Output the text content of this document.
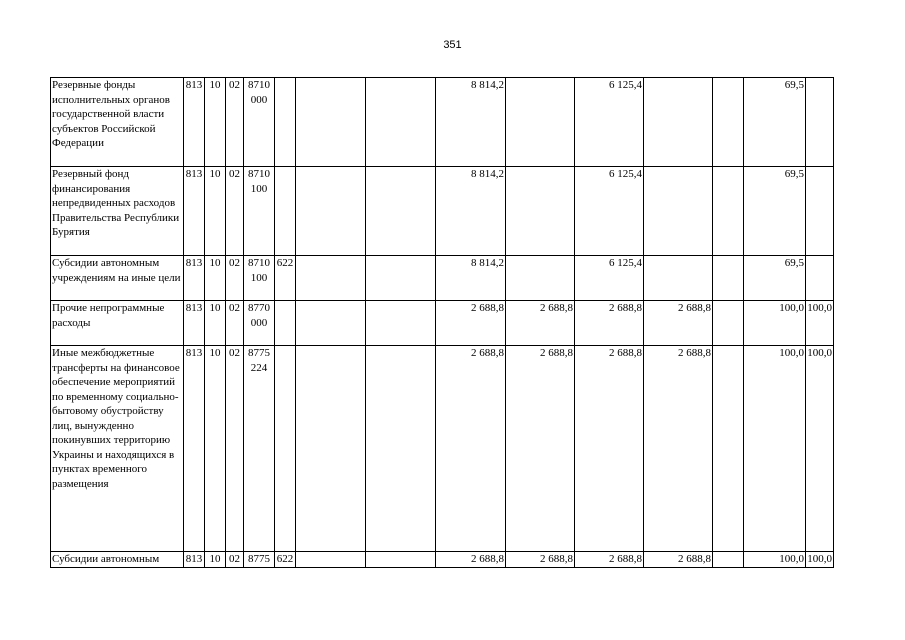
351
Резервные фонды исполнительных органов государственной власти субъектов Российской Федерации	813	10	02	8710 000				8 814,2		6 125,4			69,5	
Резервный фонд финансирования непредвиденных расходов Правительства Республики Бурятия	813	10	02	8710 100				8 814,2		6 125,4			69,5	
Субсидии автономным учреждениям на иные цели	813	10	02	8710 100	622			8 814,2		6 125,4			69,5	
Прочие непрограммные расходы	813	10	02	8770 000				2 688,8	2 688,8	2 688,8	2 688,8		100,0	100,0
Иные межбюджетные трансферты на финансовое обеспечение мероприятий по временному социально-бытовому обустройству лиц, вынужденно покинувших территорию Украины и находящихся в пунктах временного размещения	813	10	02	8775 224				2 688,8	2 688,8	2 688,8	2 688,8		100,0	100,0
Субсидии автономным	813	10	02	8775	622			2 688,8	2 688,8	2 688,8	2 688,8		100,0	100,0
